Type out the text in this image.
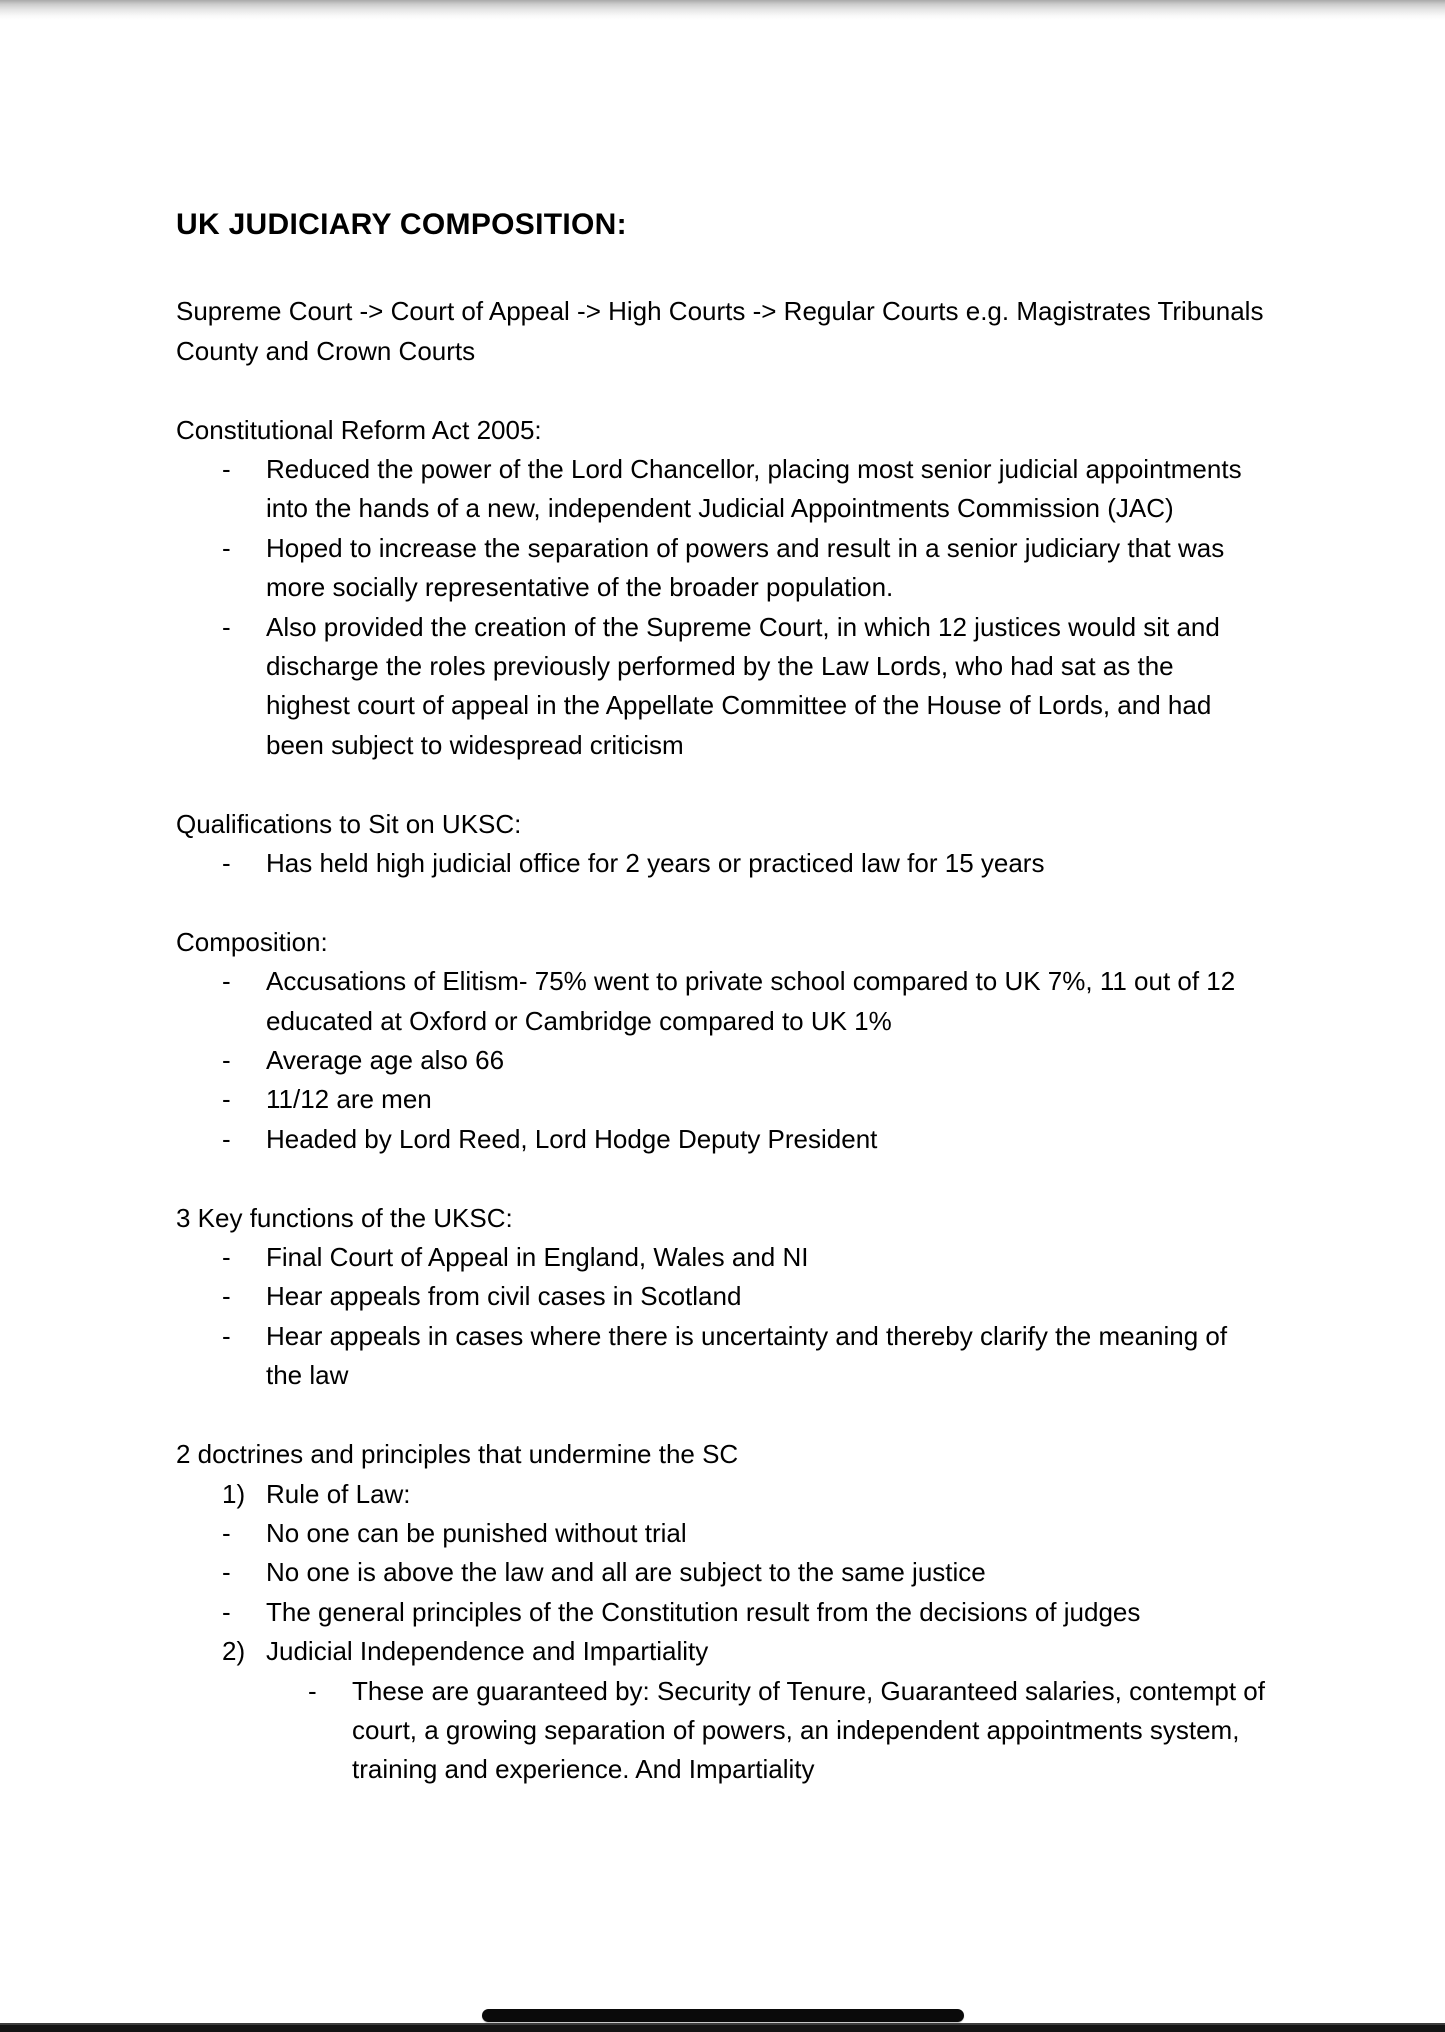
UK JUDICIARY COMPOSITION:
Supreme Court -> Court of Appeal -> High Courts -> Regular Courts e.g. Magistrates Tribunals County and Crown Courts
Constitutional Reform Act 2005:
-	Reduced the power of the Lord Chancellor, placing most senior judicial appointments into the hands of a new, independent Judicial Appointments Commission (JAC)
-	Hoped to increase the separation of powers and result in a senior judiciary that was more socially representative of the broader population.
-	Also provided the creation of the Supreme Court, in which 12 justices would sit and discharge the roles previously performed by the Law Lords, who had sat as the highest court of appeal in the Appellate Committee of the House of Lords, and had been subject to widespread criticism
Qualifications to Sit on UKSC:
-	Has held high judicial office for 2 years or practiced law for 15 years
Composition:
-	Accusations of Elitism- 75% went to private school compared to UK 7%, 11 out of 12 educated at Oxford or Cambridge compared to UK 1%
-	Average age also 66
-	11/12 are men
-	Headed by Lord Reed, Lord Hodge Deputy President
3 Key functions of the UKSC:
-	Final Court of Appeal in England, Wales and NI
-	Hear appeals from civil cases in Scotland
-	Hear appeals in cases where there is uncertainty and thereby clarify the meaning of the law
2 doctrines and principles that undermine the SC
1) Rule of Law:
-	No one can be punished without trial
-	No one is above the law and all are subject to the same justice
-	The general principles of the Constitution result from the decisions of judges
2) Judicial Independence and Impartiality
-	These are guaranteed by: Security of Tenure, Guaranteed salaries, contempt of court, a growing separation of powers, an independent appointments system, training and experience. And Impartiality
